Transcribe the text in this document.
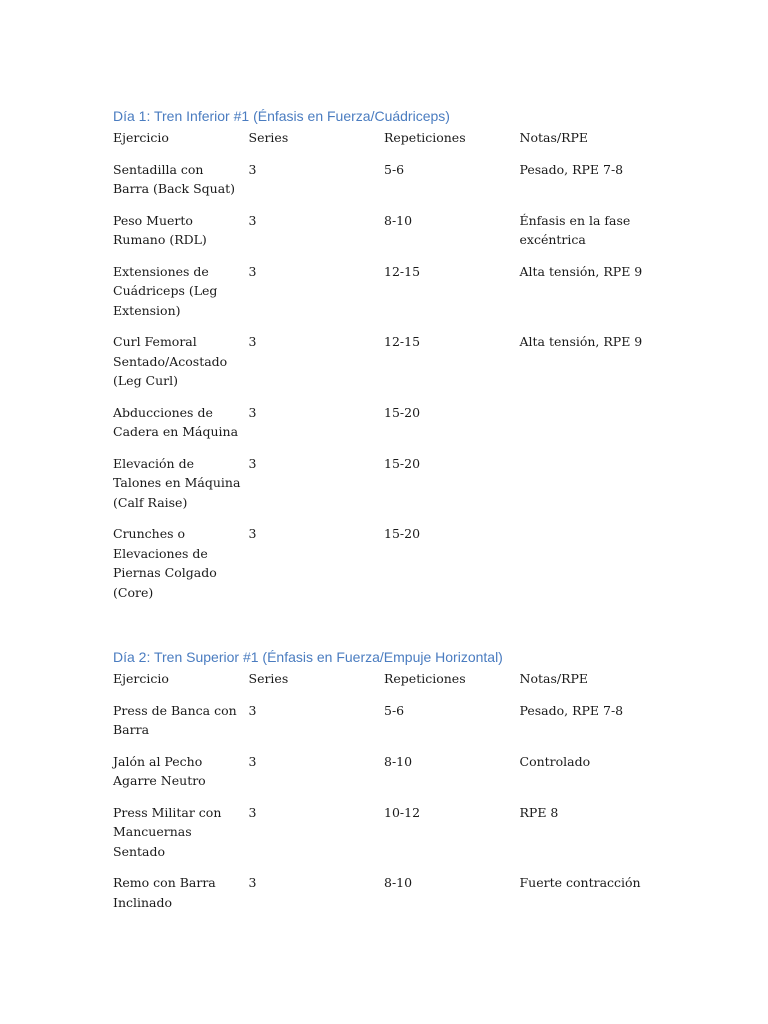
Día 1: Tren Inferior #1 (Énfasis en Fuerza/Cuádriceps)
Ejercicio	Series	Repeticiones	Notas/RPE

Sentadilla con Barra (Back Squat)	3	5-6	Pesado, RPE 7-8

Peso Muerto Rumano (RDL)	3	8-10	Énfasis en la fase excéntrica

Extensiones de Cuádriceps (Leg Extension)	3	12-15	Alta tensión, RPE 9

Curl Femoral Sentado/Acostado (Leg Curl)	3	12-15	Alta tensión, RPE 9

Abducciones de Cadera en Máquina	3	15-20	

Elevación de Talones en Máquina (Calf Raise)	3	15-20	

Crunches o Elevaciones de Piernas Colgado (Core)	3	15-20	

Día 2: Tren Superior #1 (Énfasis en Fuerza/Empuje Horizontal)
Ejercicio	Series	Repeticiones	Notas/RPE

Press de Banca con Barra	3	5-6	Pesado, RPE 7-8

Jalón al Pecho Agarre Neutro	3	8-10	Controlado

Press Militar con Mancuernas Sentado	3	10-12	RPE 8

Remo con Barra Inclinado	3	8-10	Fuerte contracción
